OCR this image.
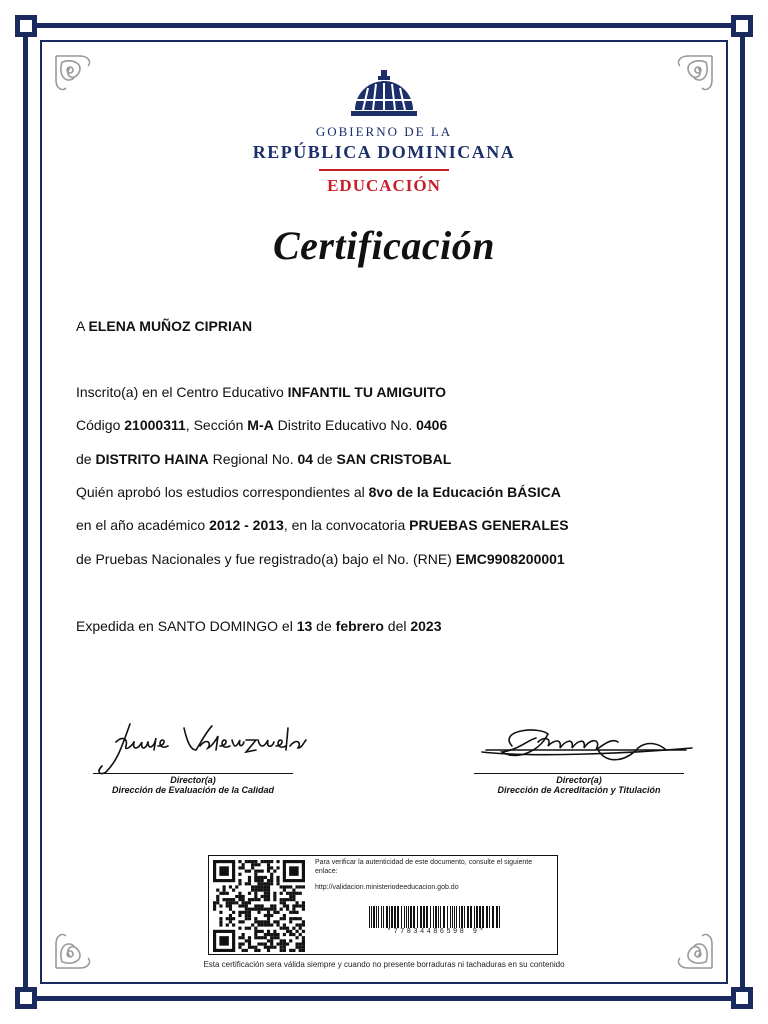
GOBIERNO DE LA
REPÚBLICA DOMINICANA
EDUCACIÓN
Certificación
A ELENA MUÑOZ CIPRIAN
Inscrito(a) en el Centro Educativo INFANTIL TU AMIGUITO
Código 21000311, Sección M-A Distrito Educativo No. 0406
de DISTRITO HAINA Regional No. 04 de SAN CRISTOBAL
Quién aprobó los estudios correspondientes al 8vo de la Educación BÁSICA
en el año académico 2012 - 2013, en la convocatoria PRUEBAS GENERALES
de Pruebas Nacionales y fue registrado(a) bajo el No. (RNE) EMC9908200001
Expedida en SANTO DOMINGO el 13 de febrero del 2023
Director(a)
Dirección de Evaluación de la Calidad
Director(a)
Dirección de Acreditación y Titulación
Para verificar la autenticidad de este documento, consulte el siguiente enlace:
http://validacion.ministeriodeeducacion.gob.do
*77834486598 9*
Esta certificación sera válida siempre y cuando no presente borraduras ni tachaduras en su contenido
